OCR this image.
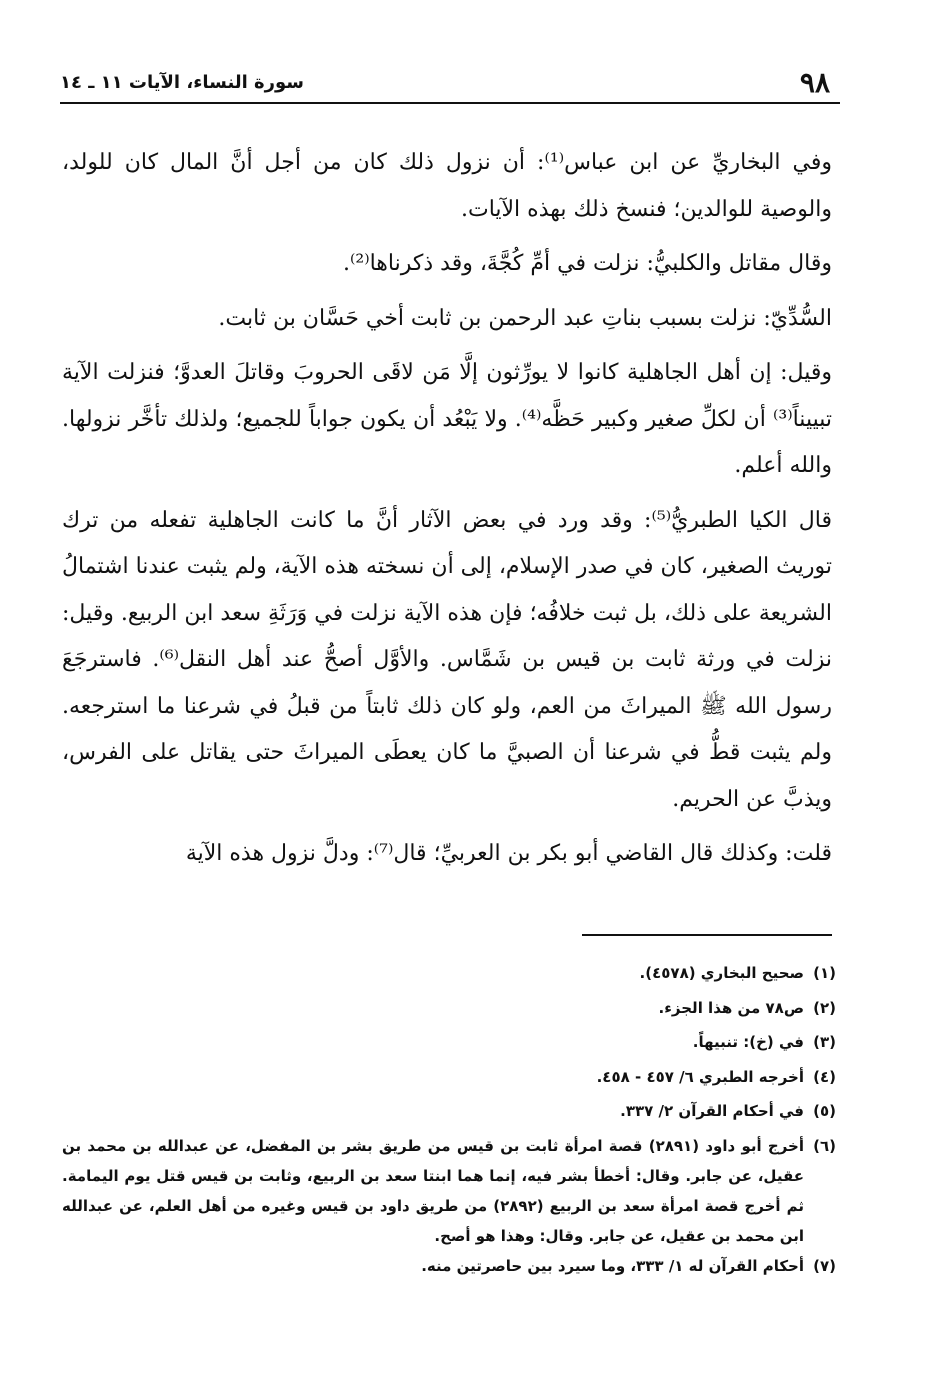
٩٨
سورة النساء، الآيات ١١ ـ ١٤

وفي البخاريِّ عن ابن عباس⁽¹⁾: أن نزول ذلك كان من أجل أنَّ المال كان للولد، والوصية للوالدين؛ فنسخ ذلك بهذه الآيات.

وقال مقاتل والكلبيُّ: نزلت في أمِّ كُجَّةَ، وقد ذكرناها⁽²⁾.

السُّدِّيّ: نزلت بسبب بناتِ عبد الرحمن بن ثابت أخي حَسَّان بن ثابت.

وقيل: إن أهل الجاهلية كانوا لا يورِّثون إلَّا مَن لاقَى الحروبَ وقاتلَ العدوَّ؛ فنزلت الآية تبييناً⁽³⁾ أن لكلِّ صغير وكبير حَظَّه⁽⁴⁾. ولا يَبْعُد أن يكون جواباً للجميع؛ ولذلك تأخَّر نزولها. والله أعلم.

قال الكيا الطبريُّ⁽⁵⁾: وقد ورد في بعض الآثار أنَّ ما كانت الجاهلية تفعله من ترك توريث الصغير، كان في صدر الإسلام، إلى أن نسخته هذه الآية، ولم يثبت عندنا اشتمالُ الشريعة على ذلك، بل ثبت خلافُه؛ فإن هذه الآية نزلت في وَرَثَةِ سعد ابن الربيع. وقيل: نزلت في ورثة ثابت بن قيس بن شَمَّاس. والأوَّل أصحُّ عند أهل النقل⁽⁶⁾. فاسترجَعَ رسول الله ﷺ الميراثَ من العم، ولو كان ذلك ثابتاً من قبلُ في شرعنا ما استرجعه. ولم يثبت قطُّ في شرعنا أن الصبيَّ ما كان يعطَى الميراثَ حتى يقاتل على الفرس، ويذبَّ عن الحريم.

قلت: وكذلك قال القاضي أبو بكر بن العربيِّ؛ قال⁽⁷⁾: ودلَّ نزول هذه الآية

(١)صحيح البخاري (٤٥٧٨).
(٢)ص٧٨ من هذا الجزء.
(٣)في (خ): تنبيهاً.
(٤)أخرجه الطبري ٦/ ٤٥٧ - ٤٥٨.
(٥)في أحكام القرآن ٢/ ٣٣٧.
(٦)أخرج أبو داود (٢٨٩١) قصة امرأة ثابت بن قيس من طريق بشر بن المفضل، عن عبدالله بن محمد بن عقيل، عن جابر. وقال: أخطأ بشر فيه، إنما هما ابنتا سعد بن الربيع، وثابت بن قيس قتل يوم اليمامة. ثم أخرج قصة امرأة سعد بن الربيع (٢٨٩٢) من طريق داود بن قيس وغيره من أهل العلم، عن عبدالله ابن محمد بن عقيل، عن جابر. وقال: وهذا هو أصح.
(٧)أحكام القرآن له ١/ ٣٣٣، وما سيرد بين حاصرتين منه.
